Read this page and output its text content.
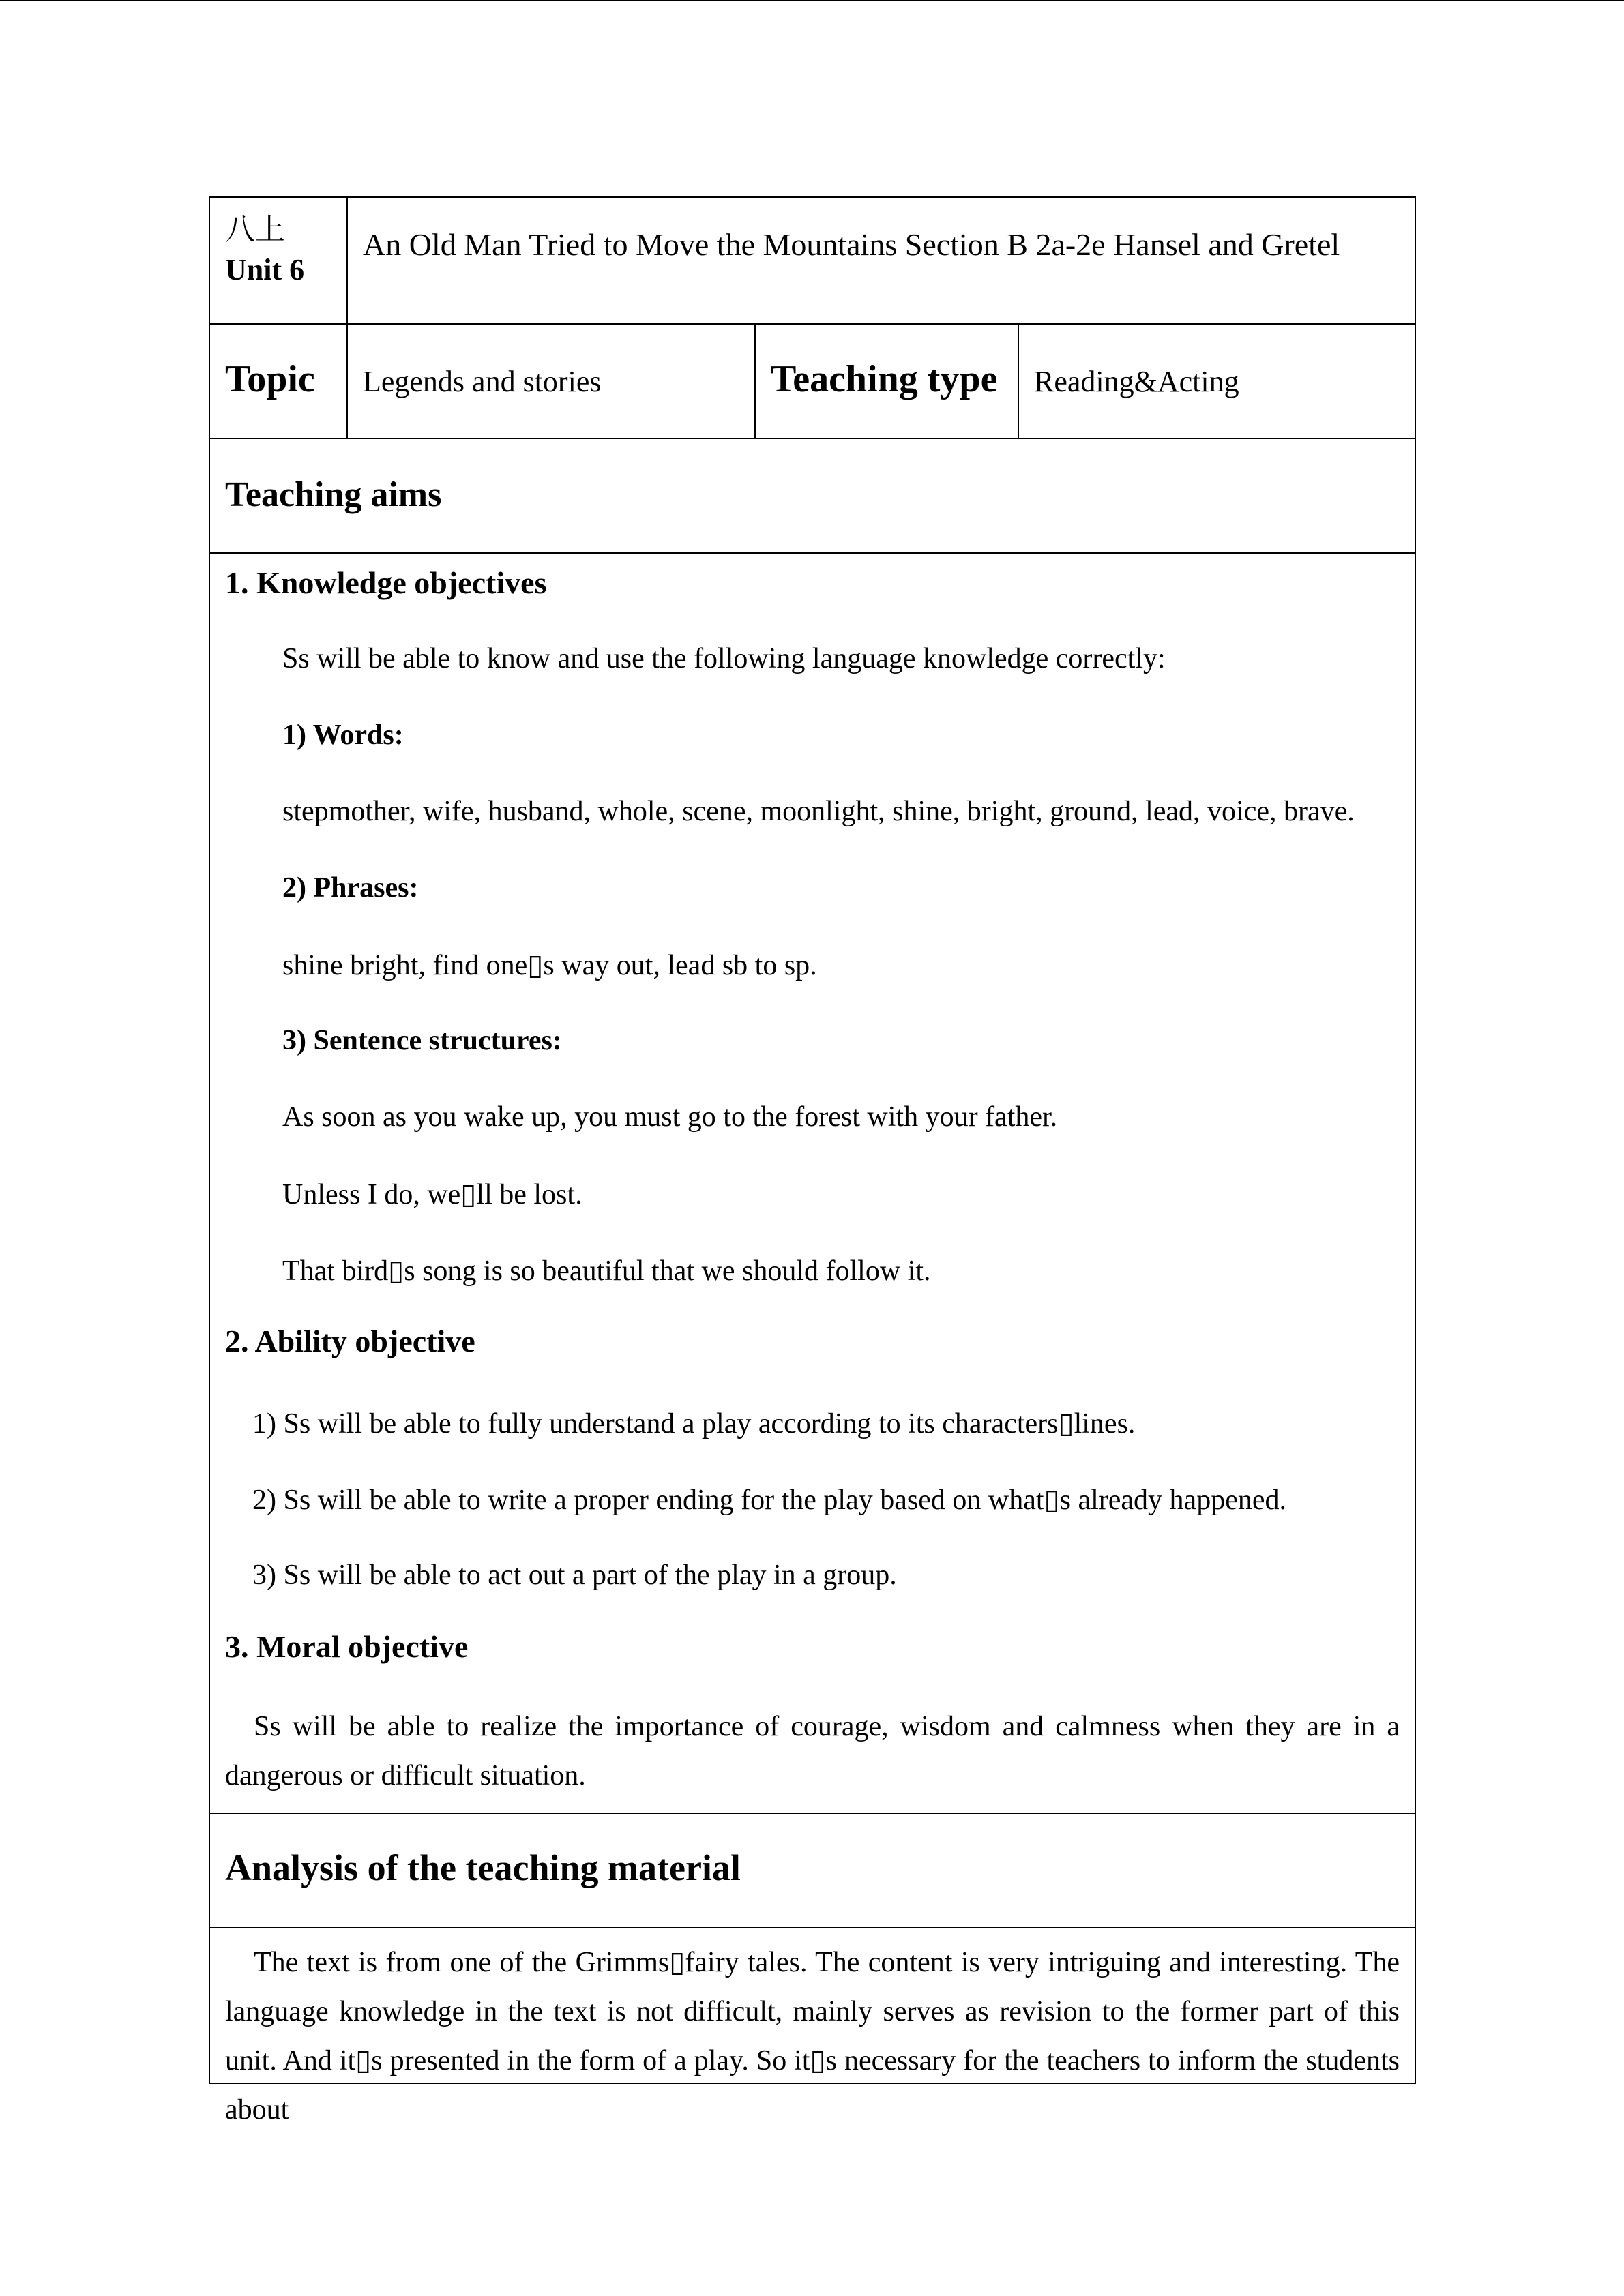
八上
Unit 6
An Old Man Tried to Move the Mountains Section B 2a-2e Hansel and Gretel
Topic Legends and stories	Teaching type Reading&Acting
Teaching aims
1. Knowledge objectives
Ss will be able to know and use the following language knowledge correctly:
1) Words:
stepmother, wife, husband, whole, scene, moonlight, shine, bright, ground, lead, voice, brave.
2) Phrases:
shine bright, find one▯s way out, lead sb to sp.
3) Sentence structures:
As soon as you wake up, you must go to the forest with your father.
Unless I do, we▯ll be lost.
That bird▯s song is so beautiful that we should follow it.
2. Ability objective
1) Ss will be able to fully understand a play according to its characters▯lines.
2) Ss will be able to write a proper ending for the play based on what▯s already happened.
3) Ss will be able to act out a part of the play in a group.
3. Moral objective
Ss will be able to realize the importance of courage, wisdom and calmness when they are in a dangerous or difficult situation.
Analysis of the teaching material
The text is from one of the Grimms▯fairy tales. The content is very intriguing and interesting. The language knowledge in the text is not difficult, mainly serves as revision to the former part of this unit. And it▯s presented in the form of a play. So it▯s necessary for the teachers to inform the students about
